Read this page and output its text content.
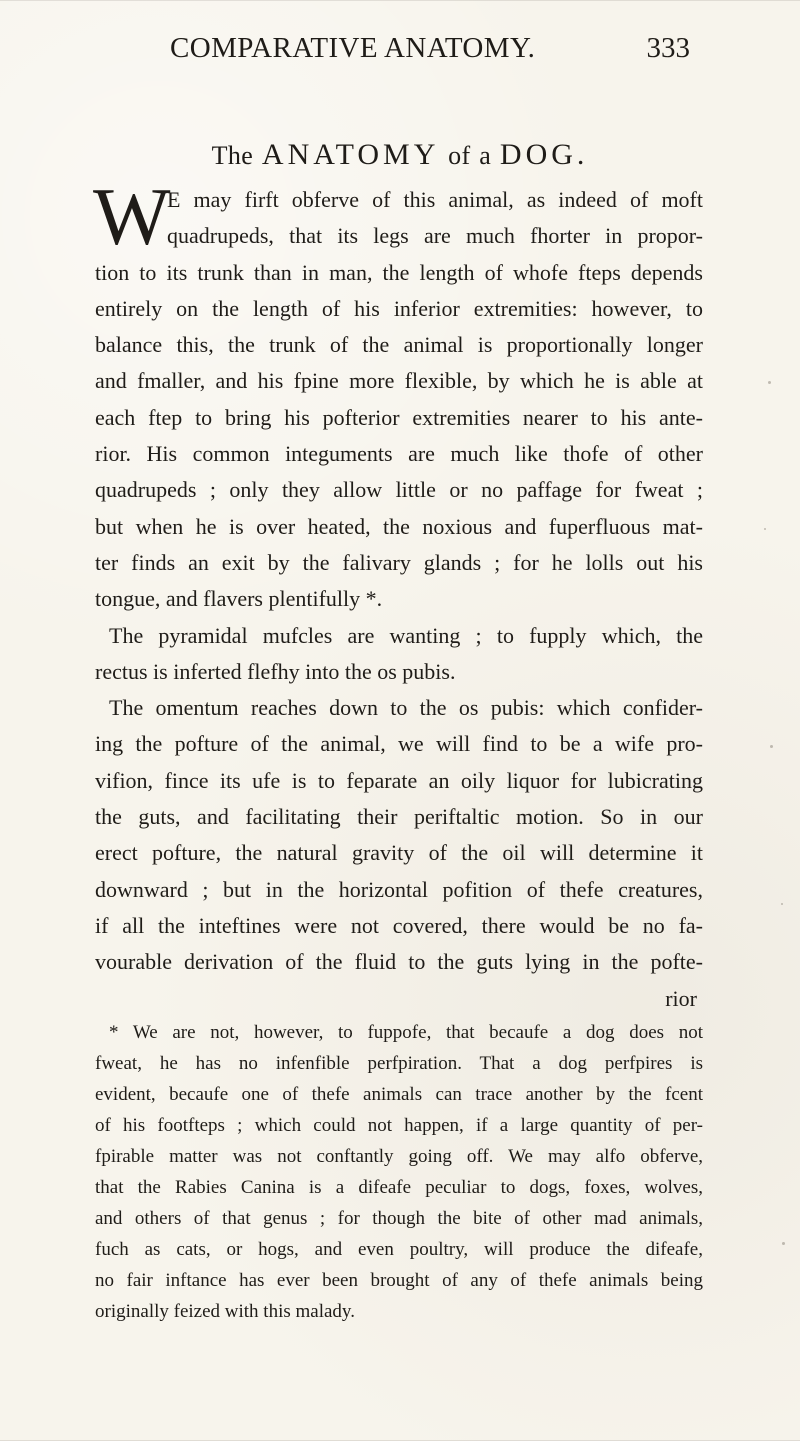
COMPARATIVE ANATOMY.	333
The ANATOMY of a DOG.
W
E may firft obferve of this animal, as indeed of moft
quadrupeds, that its legs are much fhorter in propor-
tion to its trunk than in man, the length of whofe fteps depends
entirely on the length of his inferior extremities: however, to
balance this, the trunk of the animal is proportionally longer
and fmaller, and his fpine more flexible, by which he is able at
each ftep to bring his pofterior extremities nearer to his ante-
rior. His common integuments are much like thofe of other
quadrupeds ; only they allow little or no paffage for fweat ;
but when he is over heated, the noxious and fuperfluous mat-
ter finds an exit by the falivary glands ; for he lolls out his
tongue, and flavers plentifully *.
The pyramidal mufcles are wanting ; to fupply which, the
rectus is inferted flefhy into the os pubis.
The omentum reaches down to the os pubis: which confider-
ing the pofture of the animal, we will find to be a wife pro-
vifion, fince its ufe is to feparate an oily liquor for lubicrating
the guts, and facilitating their periftaltic motion. So in our
erect pofture, the natural gravity of the oil will determine it
downward ; but in the horizontal pofition of thefe creatures,
if all the inteftines were not covered, there would be no fa-
vourable derivation of the fluid to the guts lying in the pofte-
rior
* We are not, however, to fuppofe, that becaufe a dog does not
fweat, he has no infenfible perfpiration. That a dog perfpires is
evident, becaufe one of thefe animals can trace another by the fcent
of his footfteps ; which could not happen, if a large quantity of per-
fpirable matter was not conftantly going off. We may alfo obferve,
that the Rabies Canina is a difeafe peculiar to dogs, foxes, wolves,
and others of that genus ; for though the bite of other mad animals,
fuch as cats, or hogs, and even poultry, will produce the difeafe,
no fair inftance has ever been brought of any of thefe animals being
originally feized with this malady.
